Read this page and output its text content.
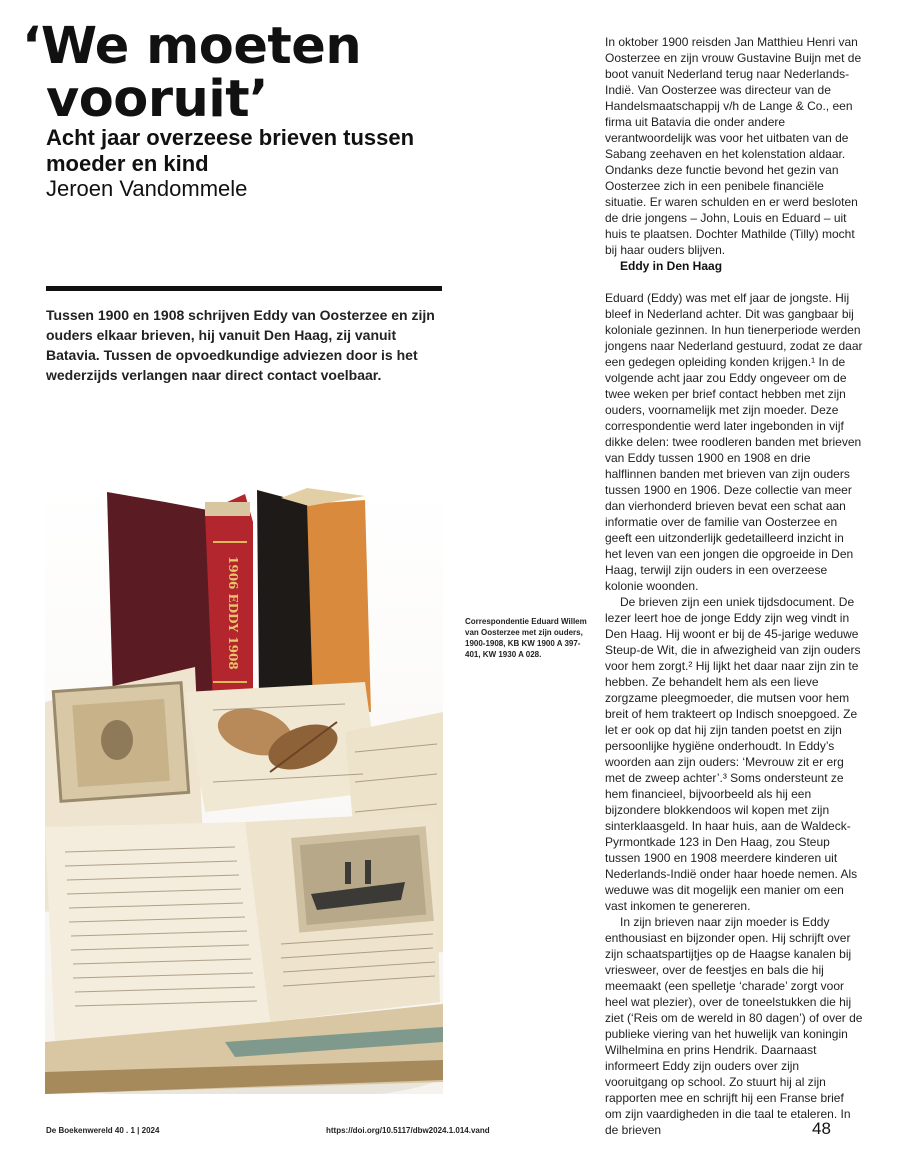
‘We moeten
vooruit’
Acht jaar overzeese brieven tussen moeder en kind
Jeroen Vandommele
Tussen 1900 en 1908 schrijven Eddy van Oosterzee en zijn ouders elkaar brieven, hij vanuit Den Haag, zij vanuit Batavia. Tussen de opvoedkundige adviezen door is het wederzijds verlangen naar direct contact voelbaar.
1906 EDDY 1908	Correspondentie Eduard Willem van Oosterzee met zijn ouders, 1900-1908, KB KW 1900 A 397-401, KW 1930 A 028.

In oktober 1900 reisden Jan Matthieu Henri van Oosterzee en zijn vrouw Gustavine Buijn met de boot vanuit Nederland terug naar Nederlands-Indië. Van Oosterzee was directeur van de Handelsmaatschappij v/h de Lange & Co., een firma uit Batavia die onder andere verantwoordelijk was voor het uitbaten van de Sabang zeehaven en het kolenstation aldaar. Ondanks deze functie bevond het gezin van Oosterzee zich in een penibele financiële situatie. Er waren schulden en er werd besloten de drie jongens – John, Louis en Eduard – uit huis te plaatsen. Dochter Mathilde (Tilly) mocht bij haar ouders blijven.

Eddy in Den Haag

Eduard (Eddy) was met elf jaar de jongste. Hij bleef in Nederland achter. Dit was gangbaar bij koloniale gezinnen. In hun tienerperiode werden jongens naar Nederland gestuurd, zodat ze daar een gedegen opleiding konden krijgen.¹ In de volgende acht jaar zou Eddy ongeveer om de twee weken per brief contact hebben met zijn ouders, voornamelijk met zijn moeder. Deze correspondentie werd later ingebonden in vijf dikke delen: twee roodleren banden met brieven van Eddy tussen 1900 en 1908 en drie halflinnen banden met brieven van zijn ouders tussen 1900 en 1906. Deze collectie van meer dan vierhonderd brieven bevat een schat aan informatie over de familie van Oosterzee en geeft een uitzonderlijk gedetailleerd inzicht in het leven van een jongen die opgroeide in Den Haag, terwijl zijn ouders in een overzeese kolonie woonden.

De brieven zijn een uniek tijdsdocument. De lezer leert hoe de jonge Eddy zijn weg vindt in Den Haag. Hij woont er bij de 45-jarige weduwe Steup-de Wit, die in afwezigheid van zijn ouders voor hem zorgt.² Hij lijkt het daar naar zijn zin te hebben. Ze behandelt hem als een lieve zorgzame pleegmoeder, die mutsen voor hem breit of hem trakteert op Indisch snoepgoed. Ze let er ook op dat hij zijn tanden poetst en zijn persoonlijke hygiëne onderhoudt. In Eddy’s woorden aan zijn ouders: ‘Mevrouw zit er erg met de zweep achter’.³ Soms ondersteunt ze hem financieel, bijvoorbeeld als hij een bijzondere blokkendoos wil kopen met zijn sinterklaasgeld. In haar huis, aan de Waldeck-Pyrmontkade 123 in Den Haag, zou Steup tussen 1900 en 1908 meerdere kinderen uit Nederlands-Indië onder haar hoede nemen. Als weduwe was dit mogelijk een manier om een vast inkomen te genereren.

In zijn brieven naar zijn moeder is Eddy enthousiast en bijzonder open. Hij schrijft over zijn schaatspartijtjes op de Haagse kanalen bij vriesweer, over de feestjes en bals die hij meemaakt (een spelletje ‘charade’ zorgt voor heel wat plezier), over de toneelstukken die hij ziet (‘Reis om de wereld in 80 dagen’) of over de publieke viering van het huwelijk van koningin Wilhelmina en prins Hendrik. Daarnaast informeert Eddy zijn ouders over zijn vooruitgang op school. Zo stuurt hij al zijn rapporten mee en schrijft hij een Franse brief om zijn vaardigheden in die taal te etaleren. In de brieven

De Boekenwereld 40 . 1 | 2024	https://doi.org/10.5117/dbw2024.1.014.vand	48
